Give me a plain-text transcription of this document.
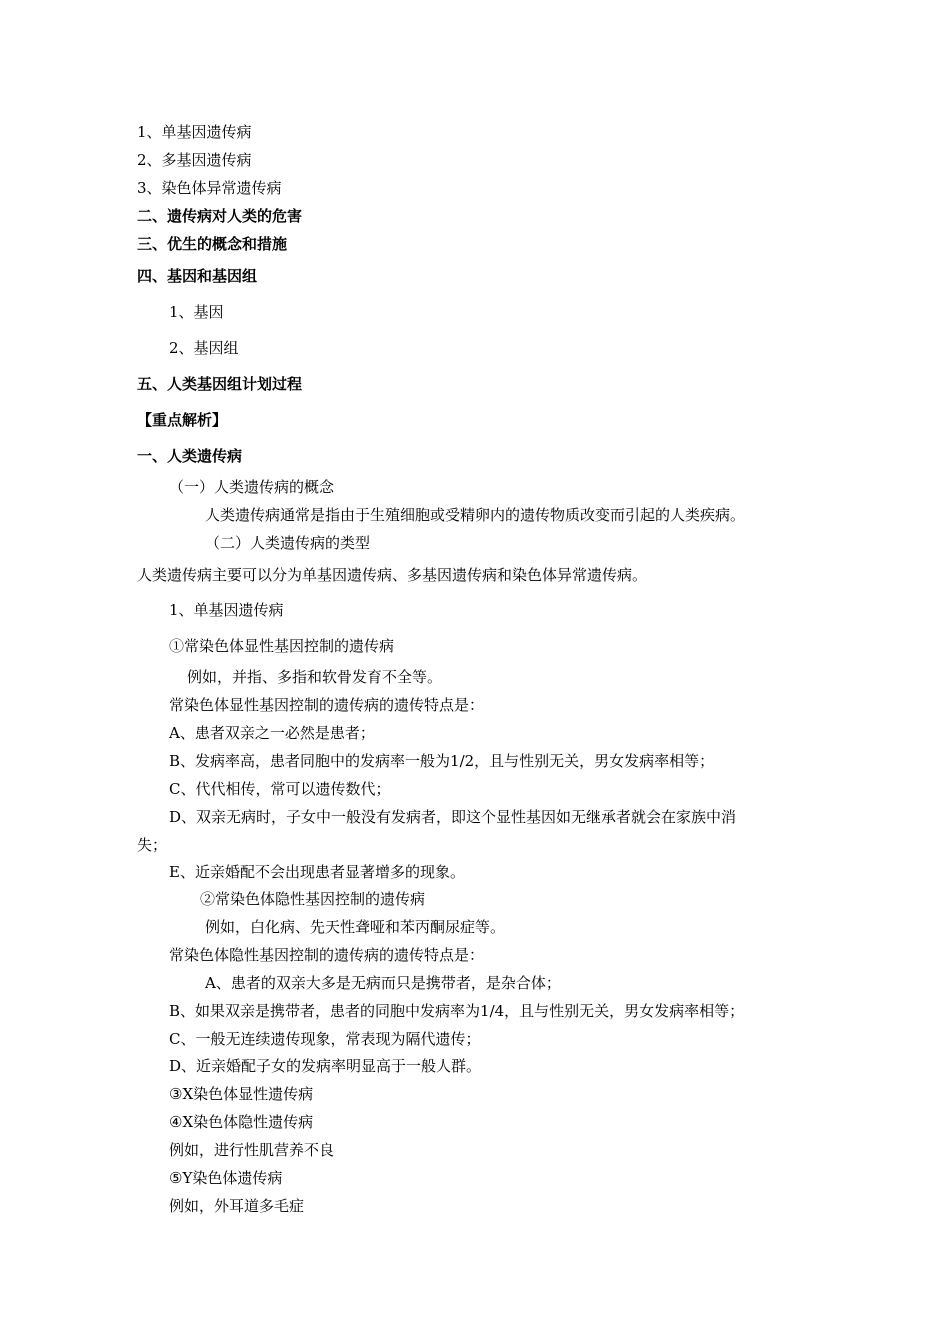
1、单基因遗传病
2、多基因遗传病
3、染色体异常遗传病
二、遗传病对人类的危害
三、优生的概念和措施
四、基因和基因组
1、基因
2、基因组
五、人类基因组计划过程
【重点解析】
一、人类遗传病
（一）人类遗传病的概念
人类遗传病通常是指由于生殖细胞或受精卵内的遗传物质改变而引起的人类疾病。
（二）人类遗传病的类型
人类遗传病主要可以分为单基因遗传病、多基因遗传病和染色体异常遗传病。
1、单基因遗传病
①常染色体显性基因控制的遗传病
例如，并指、多指和软骨发育不全等。
常染色体显性基因控制的遗传病的遗传特点是：
A、患者双亲之一必然是患者；
B、发病率高，患者同胞中的发病率一般为1/2，且与性别无关，男女发病率相等；
C、代代相传，常可以遗传数代；
D、双亲无病时，子女中一般没有发病者，即这个显性基因如无继承者就会在家族中消
失；
E、近亲婚配不会出现患者显著增多的现象。
②常染色体隐性基因控制的遗传病
例如，白化病、先天性聋哑和苯丙酮尿症等。
常染色体隐性基因控制的遗传病的遗传特点是：
A、患者的双亲大多是无病而只是携带者，是杂合体；
B、如果双亲是携带者，患者的同胞中发病率为1/4，且与性别无关，男女发病率相等；
C、一般无连续遗传现象，常表现为隔代遗传；
D、近亲婚配子女的发病率明显高于一般人群。
③X染色体显性遗传病
④X染色体隐性遗传病
例如，进行性肌营养不良
⑤Y染色体遗传病
例如，外耳道多毛症
